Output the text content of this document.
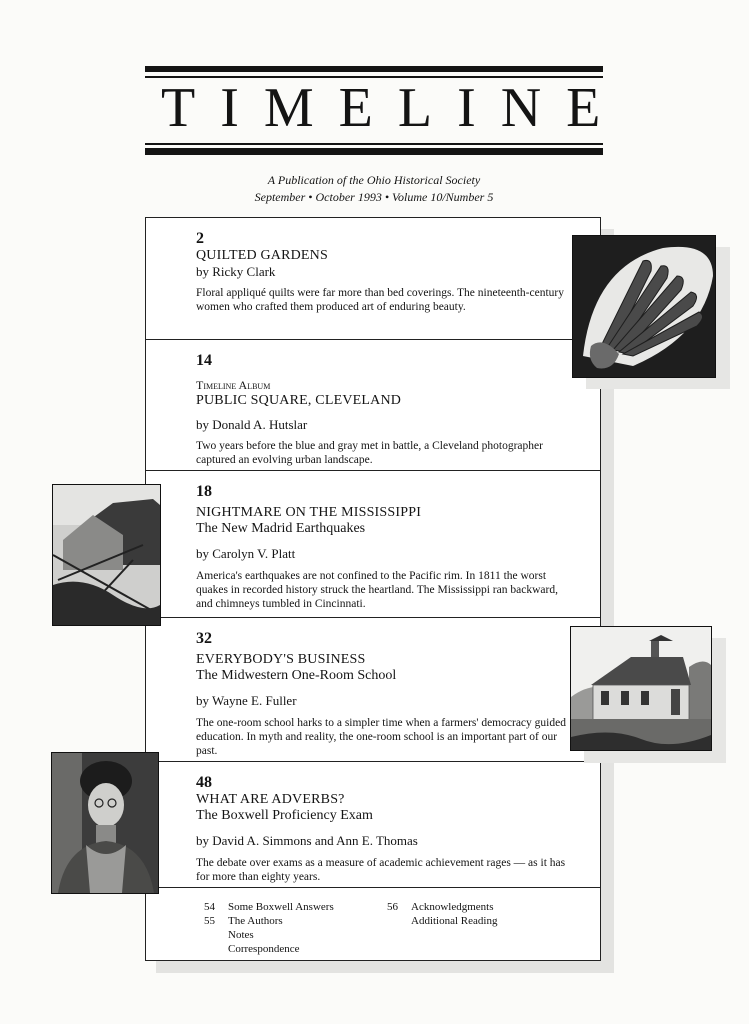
TIMELINE
A Publication of the Ohio Historical Society
September • October 1993 • Volume 10/Number 5
2
QUILTED GARDENS
by Ricky Clark
Floral appliqué quilts were far more than bed coverings. The nineteenth-century women who crafted them produced art of enduring beauty.
14
Timeline Album
PUBLIC SQUARE, CLEVELAND
by Donald A. Hutslar
Two years before the blue and gray met in battle, a Cleveland photographer captured an evolving urban landscape.
18
NIGHTMARE ON THE MISSISSIPPI
The New Madrid Earthquakes
by Carolyn V. Platt
America's earthquakes are not confined to the Pacific rim. In 1811 the worst quakes in recorded history struck the heartland. The Mississippi ran backward, and chimneys tumbled in Cincinnati.
32
EVERYBODY'S BUSINESS
The Midwestern One-Room School
by Wayne E. Fuller
The one-room school harks to a simpler time when a farmers' democracy guided education. In myth and reality, the one-room school is an important part of our past.
48
WHAT ARE ADVERBS?
The Boxwell Proficiency Exam
by David A. Simmons and Ann E. Thomas
The debate over exams as a measure of academic achievement rages — as it has for more than eighty years.
54 Some Boxwell Answers
55 The Authors
Notes
Correspondence
56 Acknowledgments
Additional Reading
